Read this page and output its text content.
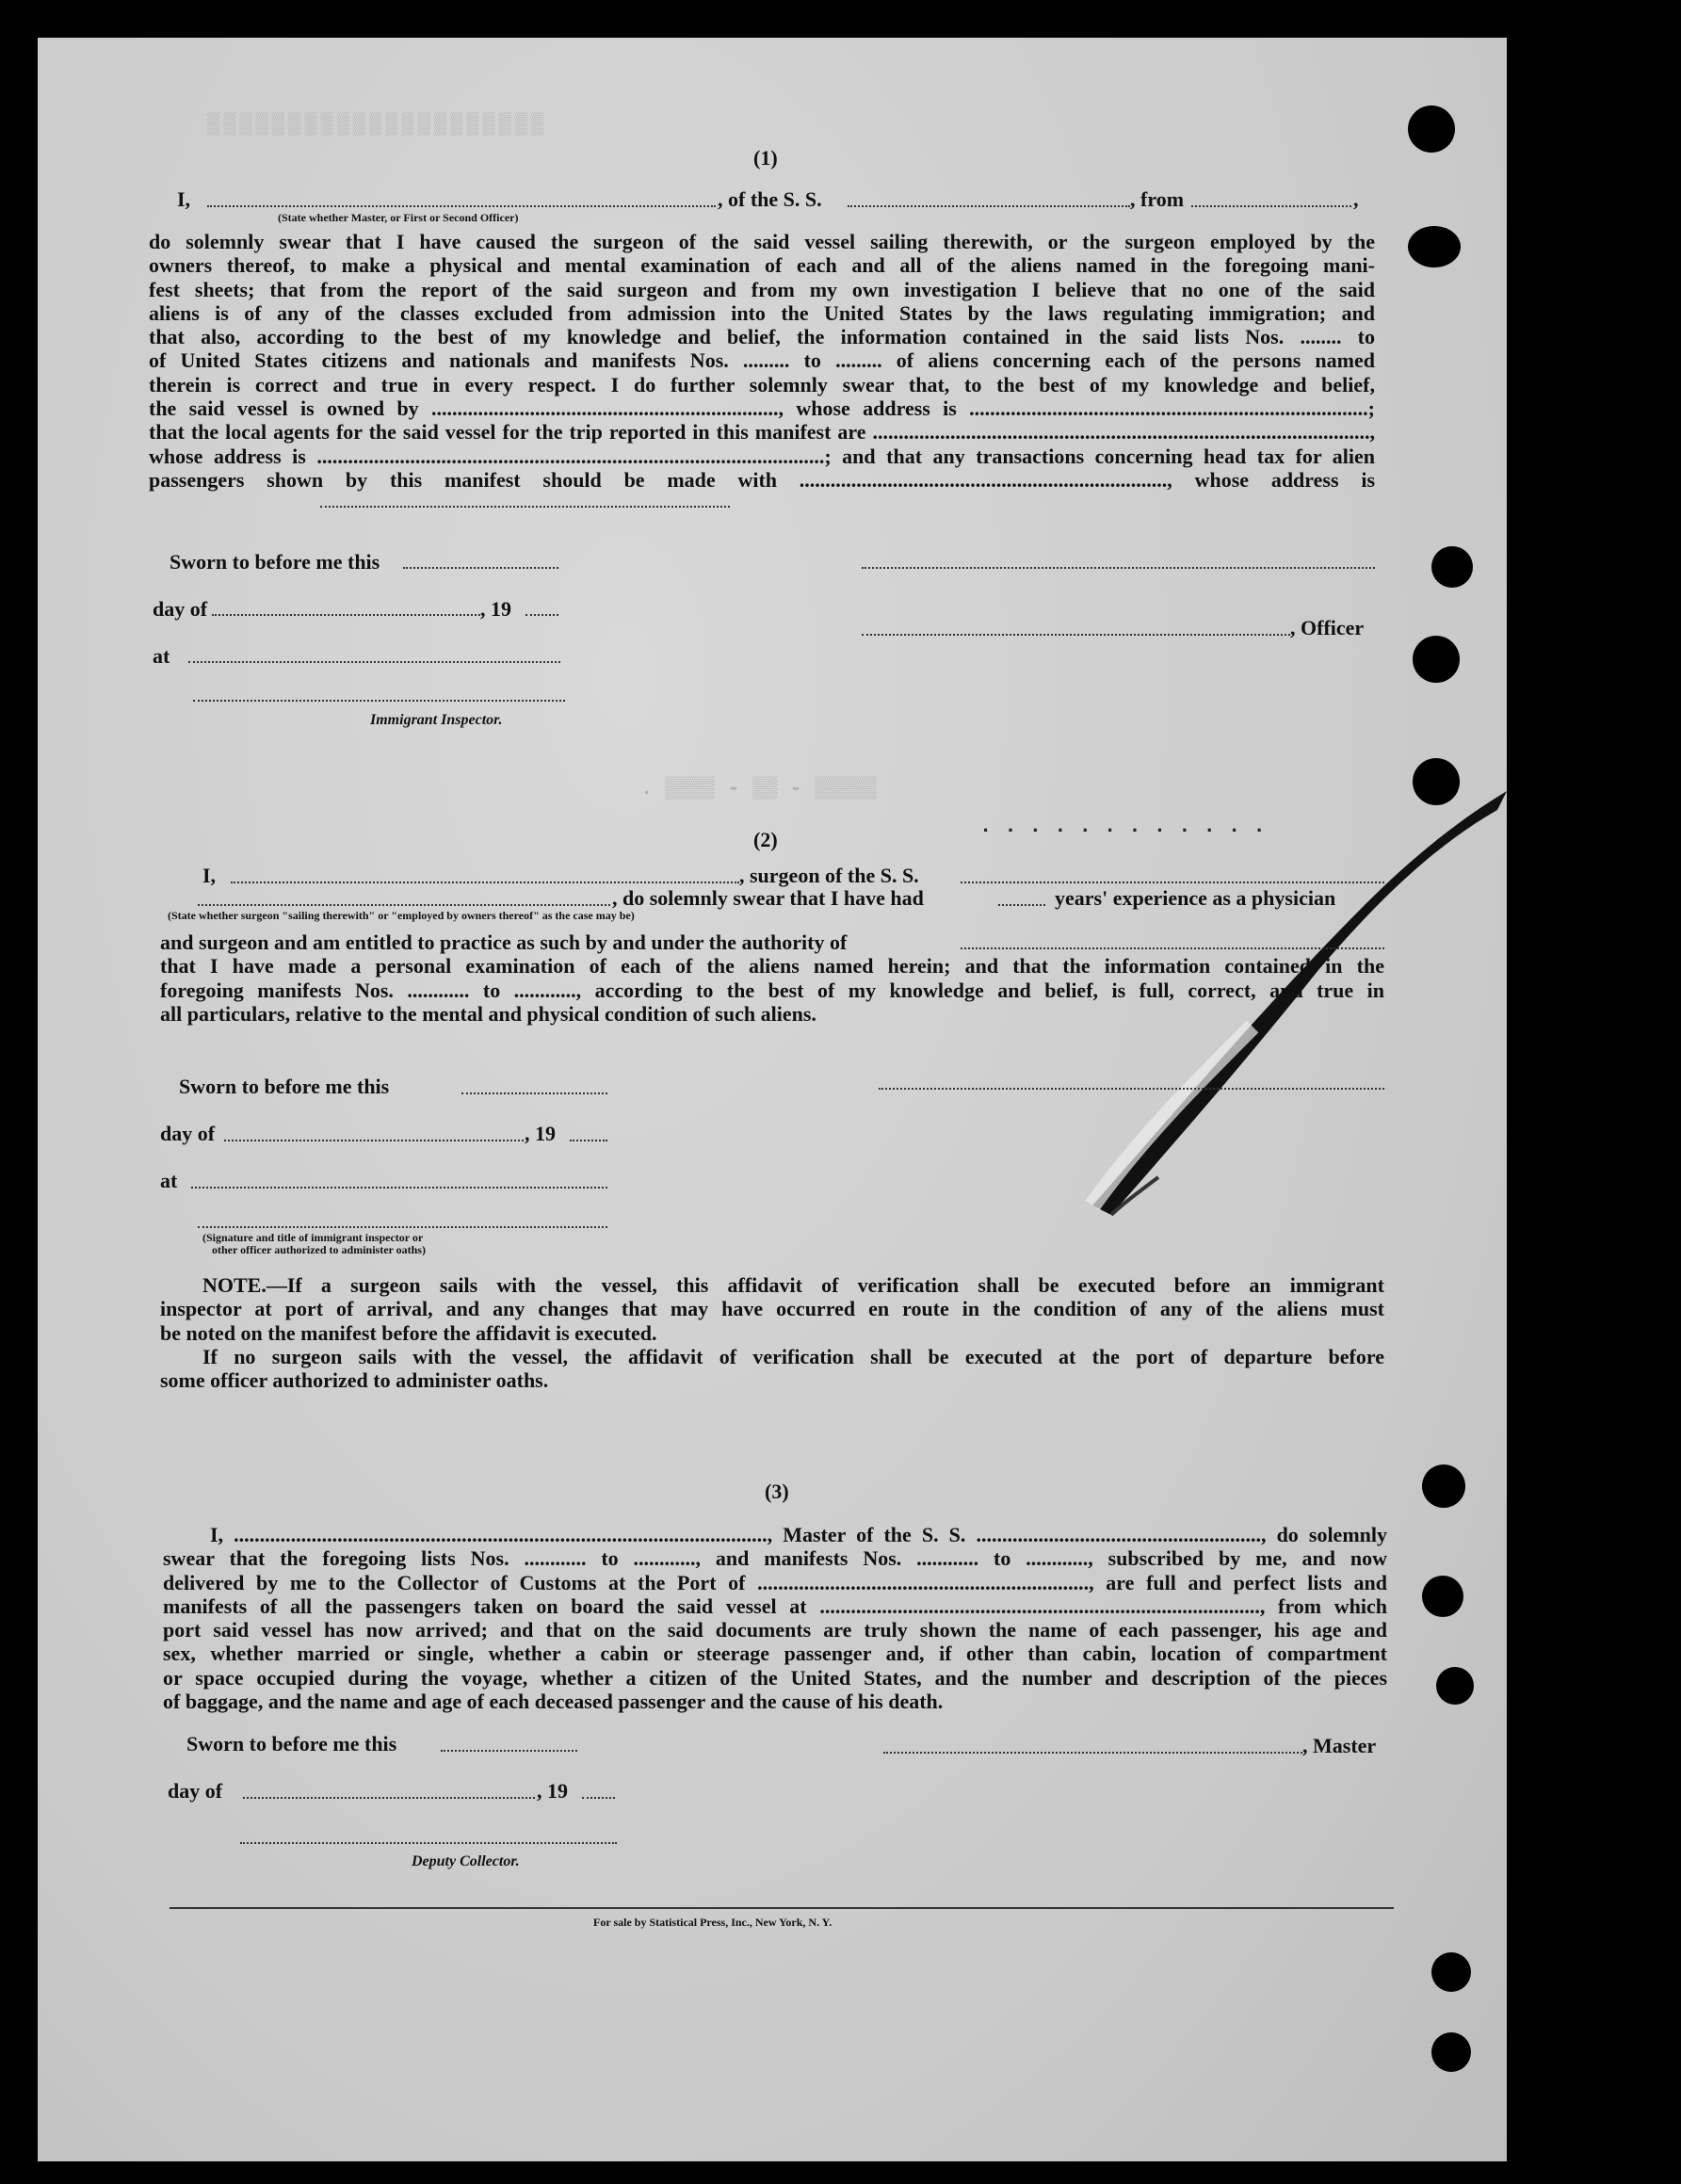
▒▒▒▒▒▒▒▒▒▒▒▒▒▒▒▒▒▒▒▒▒
. ▒▒▒▒ - ▒▒ - ▒▒▒▒▒
. . . . . . . . . . . .
(1)
I,
(State whether Master, or First or Second Officer)
, of the S. S.	, from	,

do solemnly swear that I have caused the surgeon of the said vessel sailing therewith, or the surgeon employed by the

owners thereof, to make a physical and mental examination of each and all of the aliens named in the foregoing mani-

fest sheets; that from the report of the said surgeon and from my own investigation I believe that no one of the said

aliens is of any of the classes excluded from admission into the United States by the laws regulating immigration; and

that also, according to the best of my knowledge and belief, the information contained in the said lists Nos. ........ to

of United States citizens and nationals and manifests Nos. ......... to ......... of aliens concerning each of the persons named

therein is correct and true in every respect. I do further solemnly swear that, to the best of my knowledge and belief,

the said vessel is owned by ..................................................................., whose address is .............................................................................;

that the local agents for the said vessel for the trip reported in this manifest are ................................................................................................,

whose address is ..................................................................................................; and that any transactions concerning head tax for alien

passengers shown by this manifest should be made with ......................................................................., whose address is

Sworn to before me this
day of	, 19
at
Immigrant Inspector.
, Officer
(2)
I,	, surgeon of the S. S.
, do solemnly swear that I have had	years' experience as a physician
(State whether surgeon "sailing therewith" or "employed by owners thereof" as the case may be)

and surgeon and am entitled to practice as such by and under the authority of

that I have made a personal examination of each of the aliens named herein; and that the information contained in the

foregoing manifests Nos. ............ to ............, according to the best of my knowledge and belief, is full, correct, and true in

all particulars, relative to the mental and physical condition of such aliens.

Sworn to before me this
day of	, 19
at
(Signature and title of immigrant inspector or
other officer authorized to administer oaths)

NOTE.—If a surgeon sails with the vessel, this affidavit of verification shall be executed before an immigrant

inspector at port of arrival, and any changes that may have occurred en route in the condition of any of the aliens must

be noted on the manifest before the affidavit is executed.

If no surgeon sails with the vessel, the affidavit of verification shall be executed at the port of departure before

some officer authorized to administer oaths.

(3)

I, ......................................................................................................., Master of the S. S. ......................................................., do solemnly

swear that the foregoing lists Nos. ............ to ............, and manifests Nos. ............ to ............, subscribed by me, and now

delivered by me to the Collector of Customs at the Port of ................................................................, are full and perfect lists and

manifests of all the passengers taken on board the said vessel at ....................................................................................., from which

port said vessel has now arrived; and that on the said documents are truly shown the name of each passenger, his age and

sex, whether married or single, whether a cabin or steerage passenger and, if other than cabin, location of compartment

or space occupied during the voyage, whether a citizen of the United States, and the number and description of the pieces

of baggage, and the name and age of each deceased passenger and the cause of his death.

Sworn to before me this
day of	, 19
Deputy Collector.
, Master
For sale by Statistical Press, Inc., New York, N. Y.
